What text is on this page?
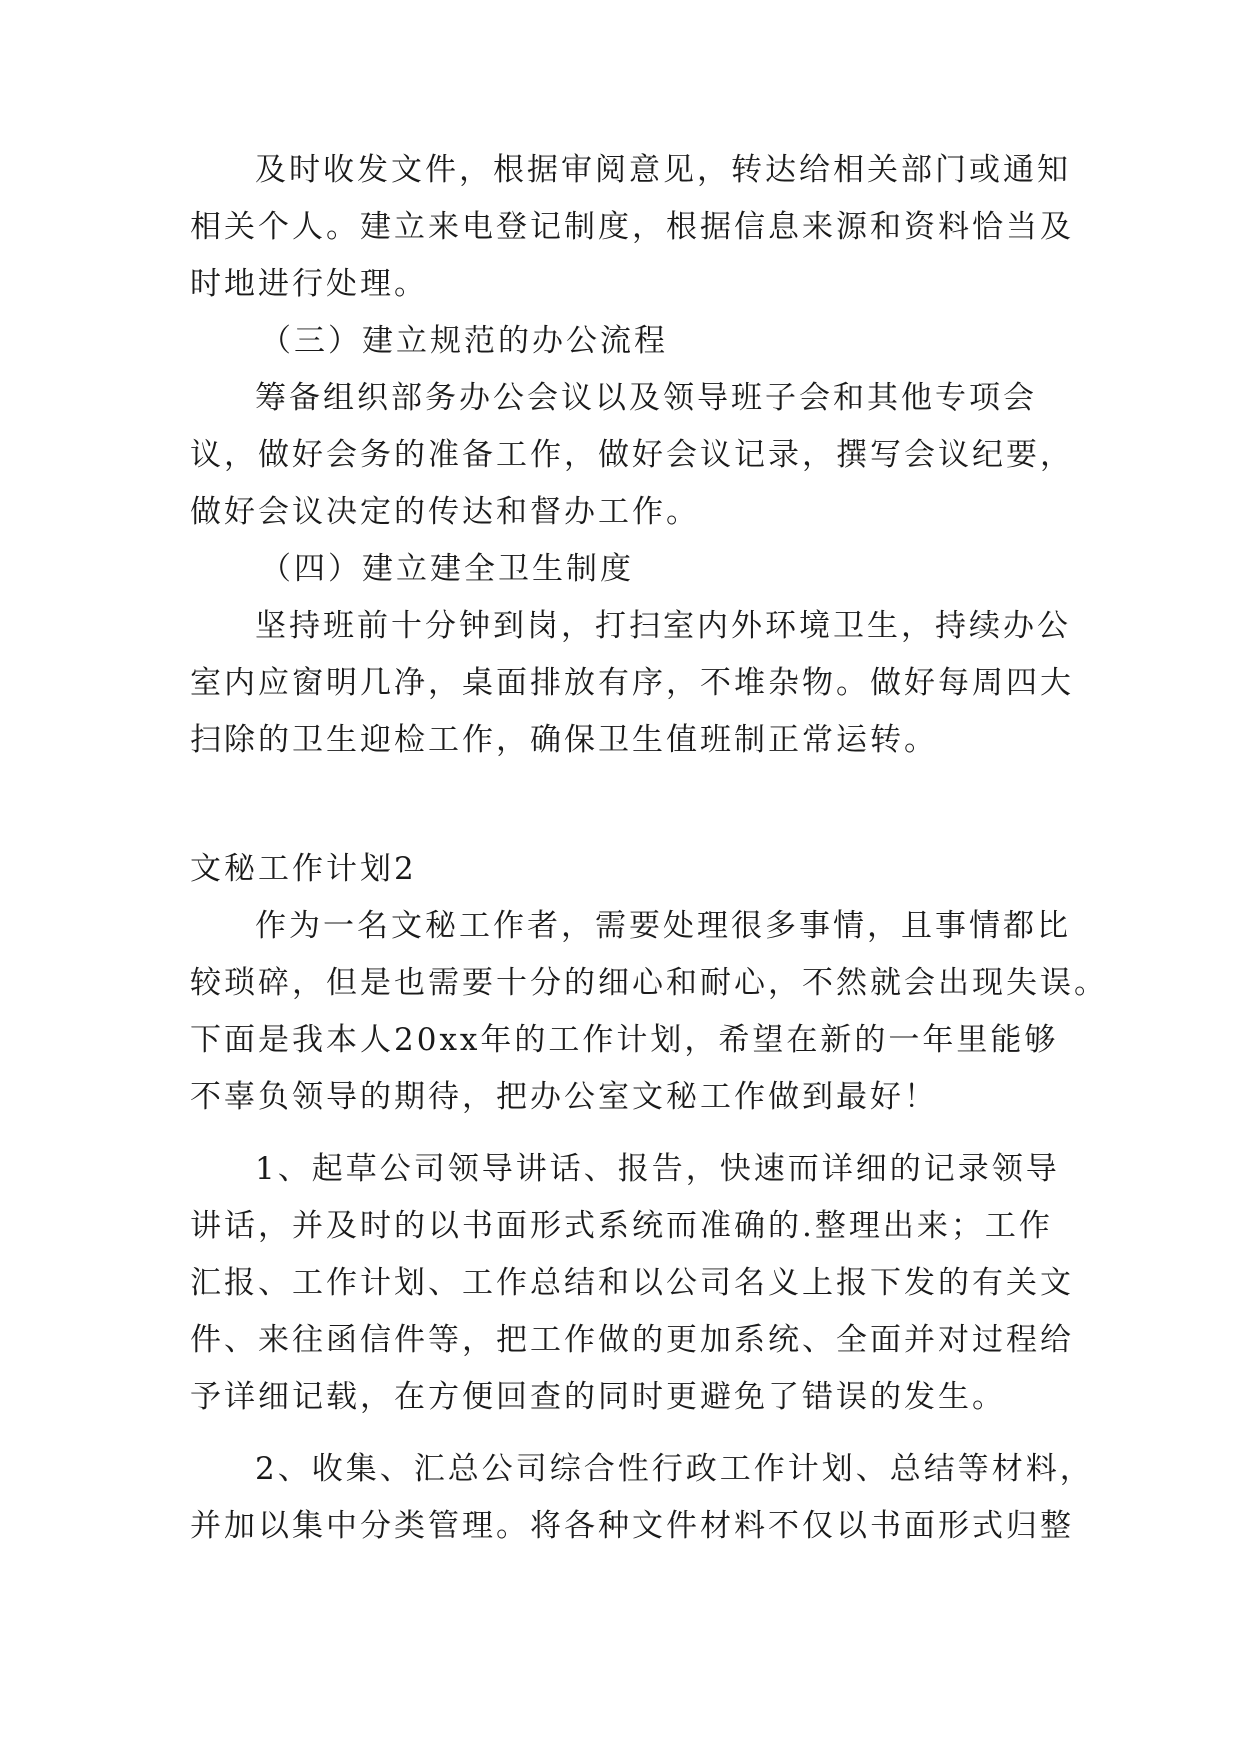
及时收发文件，根据审阅意见，转达给相关部门或通知
相关个人。建立来电登记制度，根据信息来源和资料恰当及
时地进行处理。
（三）建立规范的办公流程
筹备组织部务办公会议以及领导班子会和其他专项会
议，做好会务的准备工作，做好会议记录，撰写会议纪要，
做好会议决定的传达和督办工作。
（四）建立建全卫生制度
坚持班前十分钟到岗，打扫室内外环境卫生，持续办公
室内应窗明几净，桌面排放有序，不堆杂物。做好每周四大
扫除的卫生迎检工作，确保卫生值班制正常运转。
文秘工作计划2
作为一名文秘工作者，需要处理很多事情，且事情都比
较琐碎，但是也需要十分的细心和耐心，不然就会出现失误。
下面是我本人20xx年的工作计划，希望在新的一年里能够
不辜负领导的期待，把办公室文秘工作做到最好！
1、起草公司领导讲话、报告，快速而详细的记录领导
讲话，并及时的以书面形式系统而准确的.整理出来；工作
汇报、工作计划、工作总结和以公司名义上报下发的有关文
件、来往函信件等，把工作做的更加系统、全面并对过程给
予详细记载，在方便回查的同时更避免了错误的发生。
2、收集、汇总公司综合性行政工作计划、总结等材料，
并加以集中分类管理。将各种文件材料不仅以书面形式归整
